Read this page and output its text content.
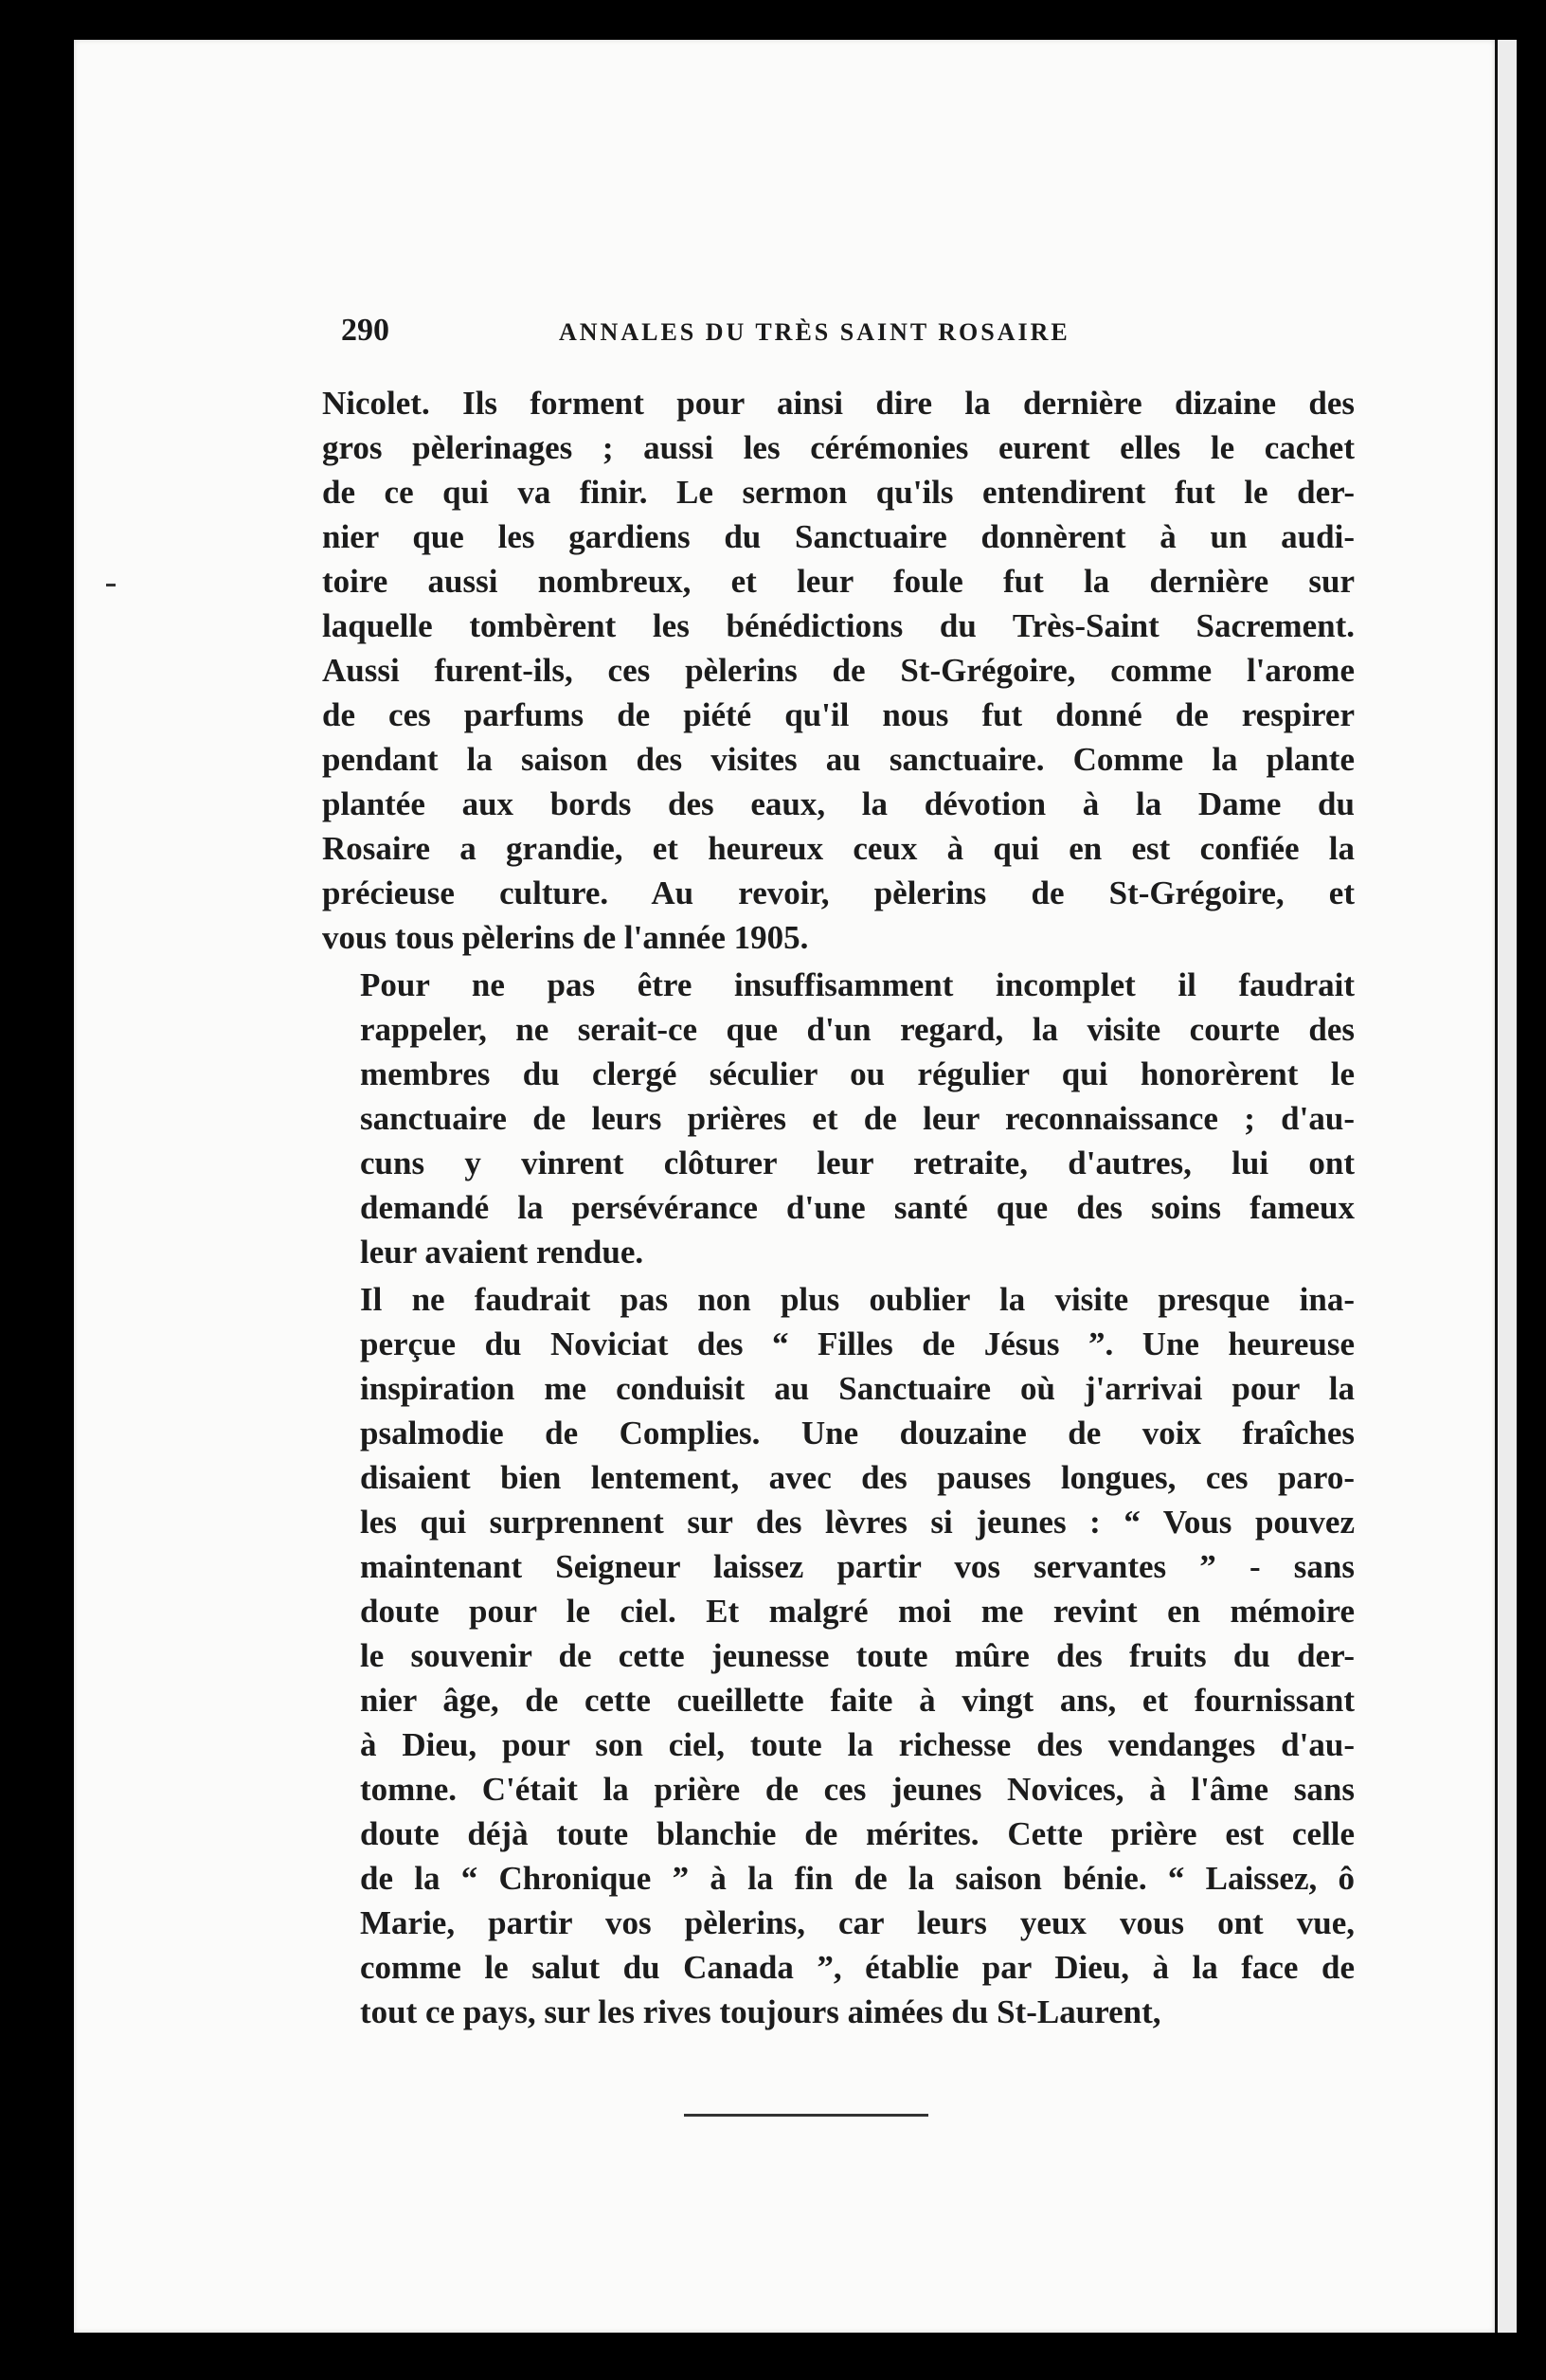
290	ANNALES DU TRÈS SAINT ROSAIRE

Nicolet. Ils forment pour ainsi dire la dernière dizaine des
gros pèlerinages ; aussi les cérémonies eurent elles le cachet
de ce qui va finir. Le sermon qu'ils entendirent fut le der-
nier que les gardiens du Sanctuaire donnèrent à un audi-
toire aussi nombreux, et leur foule fut la dernière sur
laquelle tombèrent les bénédictions du Très-Saint Sacrement.
Aussi furent-ils, ces pèlerins de St-Grégoire, comme l'arome
de ces parfums de piété qu'il nous fut donné de respirer
pendant la saison des visites au sanctuaire. Comme la plante
plantée aux bords des eaux, la dévotion à la Dame du
Rosaire a grandie, et heureux ceux à qui en est confiée la
précieuse culture. Au revoir, pèlerins de St-Grégoire, et
vous tous pèlerins de l'année 1905.

Pour ne pas être insuffisamment incomplet il faudrait
rappeler, ne serait-ce que d'un regard, la visite courte des
membres du clergé séculier ou régulier qui honorèrent le
sanctuaire de leurs prières et de leur reconnaissance ; d'au-
cuns y vinrent clôturer leur retraite, d'autres, lui ont
demandé la persévérance d'une santé que des soins fameux
leur avaient rendue.

Il ne faudrait pas non plus oublier la visite presque ina-
perçue du Noviciat des “ Filles de Jésus ”. Une heureuse
inspiration me conduisit au Sanctuaire où j'arrivai pour la
psalmodie de Complies. Une douzaine de voix fraîches
disaient bien lentement, avec des pauses longues, ces paro-
les qui surprennent sur des lèvres si jeunes : “ Vous pouvez
maintenant Seigneur laissez partir vos servantes ” - sans
doute pour le ciel. Et malgré moi me revint en mémoire
le souvenir de cette jeunesse toute mûre des fruits du der-
nier âge, de cette cueillette faite à vingt ans, et fournissant
à Dieu, pour son ciel, toute la richesse des vendanges d'au-
tomne. C'était la prière de ces jeunes Novices, à l'âme sans
doute déjà toute blanchie de mérites. Cette prière est celle
de la “ Chronique ” à la fin de la saison bénie. “ Laissez, ô
Marie, partir vos pèlerins, car leurs yeux vous ont vue,
comme le salut du Canada ”, établie par Dieu, à la face de
tout ce pays, sur les rives toujours aimées du St-Laurent,
